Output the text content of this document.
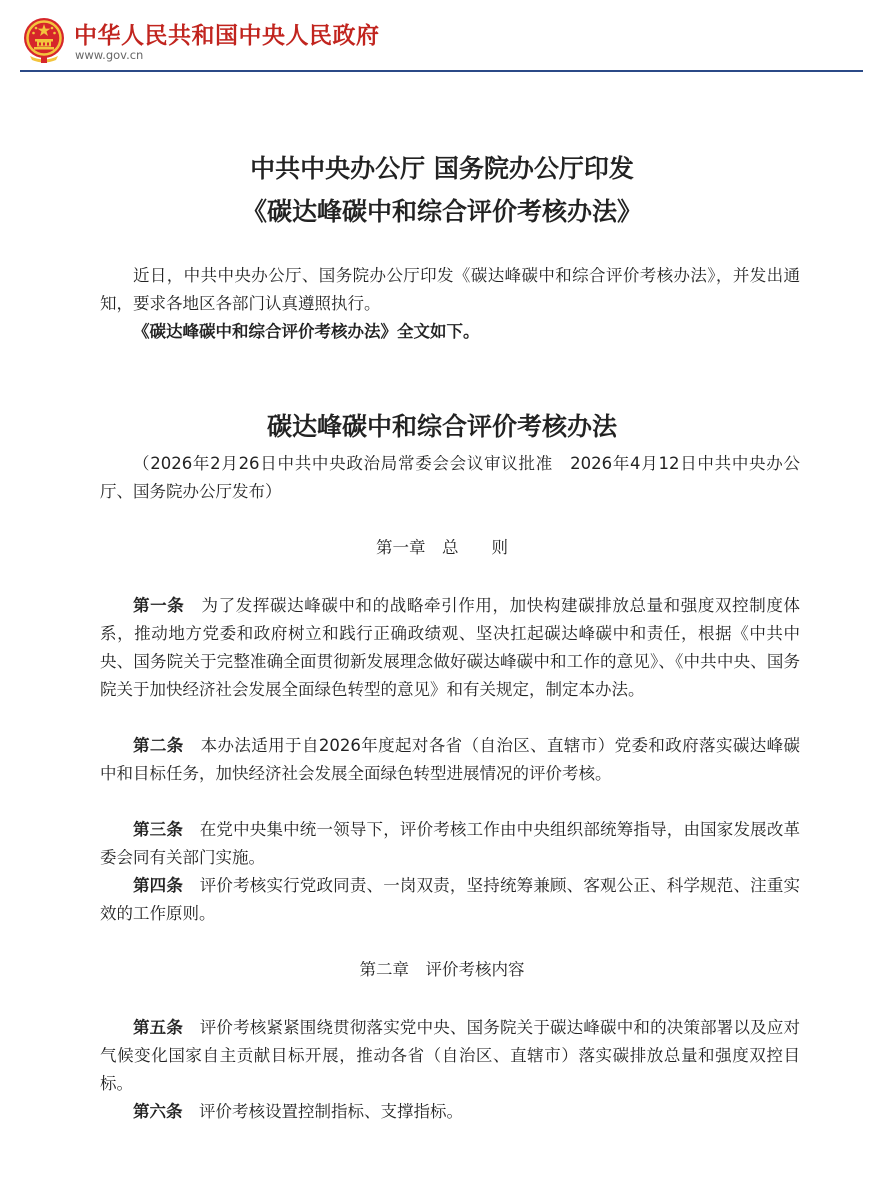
中华人民共和国中央人民政府
www.gov.cn
中共中央办公厅 国务院办公厅印发
《碳达峰碳中和综合评价考核办法》

近日，中共中央办公厅、国务院办公厅印发《碳达峰碳中和综合评价考核办法》，并发出通知，要求各地区各部门认真遵照执行。

《碳达峰碳中和综合评价考核办法》全文如下。

碳达峰碳中和综合评价考核办法

（2026年2月26日中共中央政治局常委会会议审议批准　2026年4月12日中共中央办公厅、国务院办公厅发布）

第一章　总　　则

第一条　 为了发挥碳达峰碳中和的战略牵引作用，加快构建碳排放总量和强度双控制度体系，推动地方党委和政府树立和践行正确政绩观、坚决扛起碳达峰碳中和责任，根据《中共中央、国务院关于完整准确全面贯彻新发展理念做好碳达峰碳中和工作的意见》、《中共中央、国务院关于加快经济社会发展全面绿色转型的意见》和有关规定，制定本办法。

第二条　 本办法适用于自2026年度起对各省（自治区、直辖市）党委和政府落实碳达峰碳中和目标任务，加快经济社会发展全面绿色转型进展情况的评价考核。

第三条　 在党中央集中统一领导下，评价考核工作由中央组织部统筹指导，由国家发展改革委会同有关部门实施。

第四条　 评价考核实行党政同责、一岗双责，坚持统筹兼顾、客观公正、科学规范、注重实效的工作原则。

第二章　评价考核内容

第五条　 评价考核紧紧围绕贯彻落实党中央、国务院关于碳达峰碳中和的决策部署以及应对气候变化国家自主贡献目标开展，推动各省（自治区、直辖市）落实碳排放总量和强度双控目标。

第六条　 评价考核设置控制指标、支撑指标。
